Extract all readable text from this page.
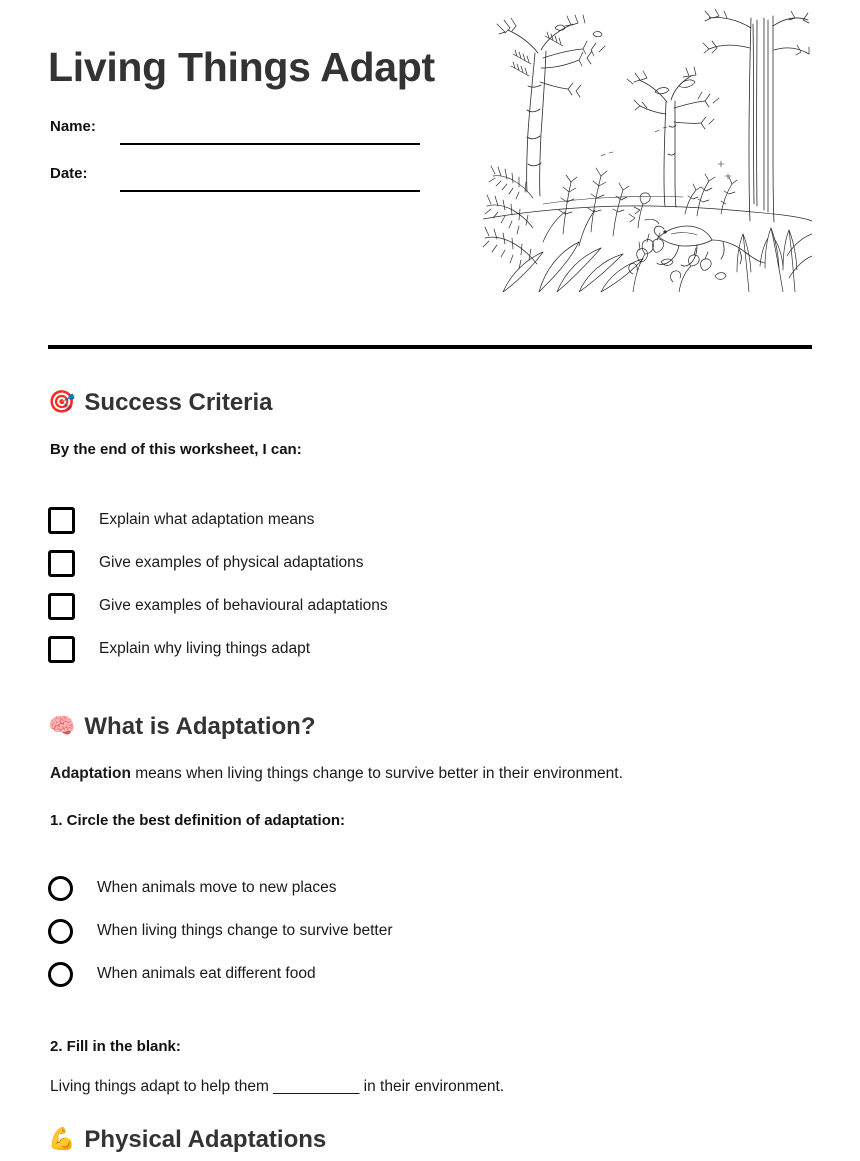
Living Things Adapt
Name:
Date:
🎯 Success Criteria

By the end of this worksheet, I can:

Explain what adaptation means
Give examples of physical adaptations
Give examples of behavioural adaptations
Explain why living things adapt
🧠 What is Adaptation?

Adaptation means when living things change to survive better in their environment.

1. Circle the best definition of adaptation:

When animals move to new places
When living things change to survive better
When animals eat different food

2. Fill in the blank:

Living things adapt to help them __________ in their environment.

💪 Physical Adaptations
